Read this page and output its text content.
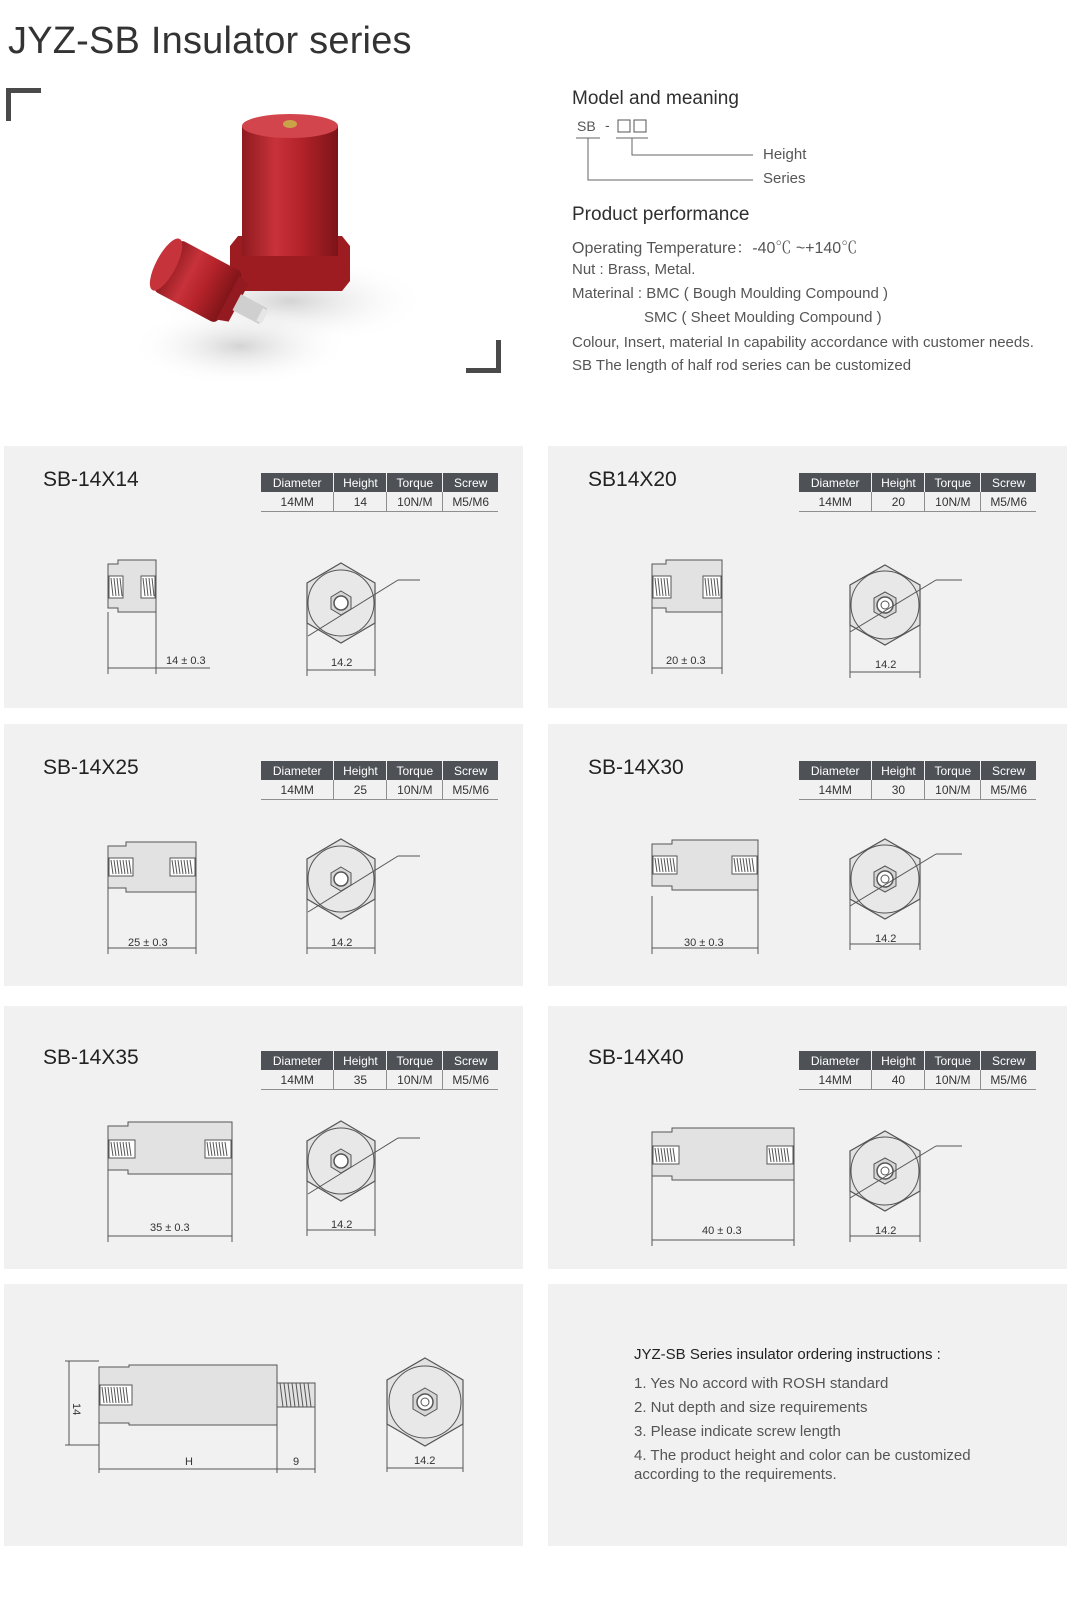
JYZ-SB Insulator series
Model and meaning
SB -
Height
Series
Product performance
Operating Temperature：-40℃ ~+140℃
Nut : Brass, Metal.
Materinal : BMC ( Bough Moulding Compound )
SMC ( Sheet Moulding Compound )
Colour, Insert, material In capability accordance with customer needs.
SB The length of half rod series can be customized
SB-14X14	Diameter	Height	Torque	Screw
14MM	14	10N/M	M5/M6
14 ± 0.3	14.2
SB14X20	Diameter	Height	Torque	Screw
14MM	20	10N/M	M5/M6
20 ± 0.3	14.2
SB-14X25	Diameter	Height	Torque	Screw
14MM	25	10N/M	M5/M6
25 ± 0.3	14.2
SB-14X30	Diameter	Height	Torque	Screw
14MM	30	10N/M	M5/M6
30 ± 0.3	14.2
SB-14X35	Diameter	Height	Torque	Screw
14MM	35	10N/M	M5/M6
35 ± 0.3	14.2
SB-14X40	Diameter	Height	Torque	Screw
14MM	40	10N/M	M5/M6
40 ± 0.3	14.2
14
H	9	14.2
JYZ-SB Series insulator ordering instructions :
1. Yes No accord with ROSH standard
2. Nut depth and size requirements
3. Please indicate screw length
4. The product height and color can be customized
according to the requirements.
